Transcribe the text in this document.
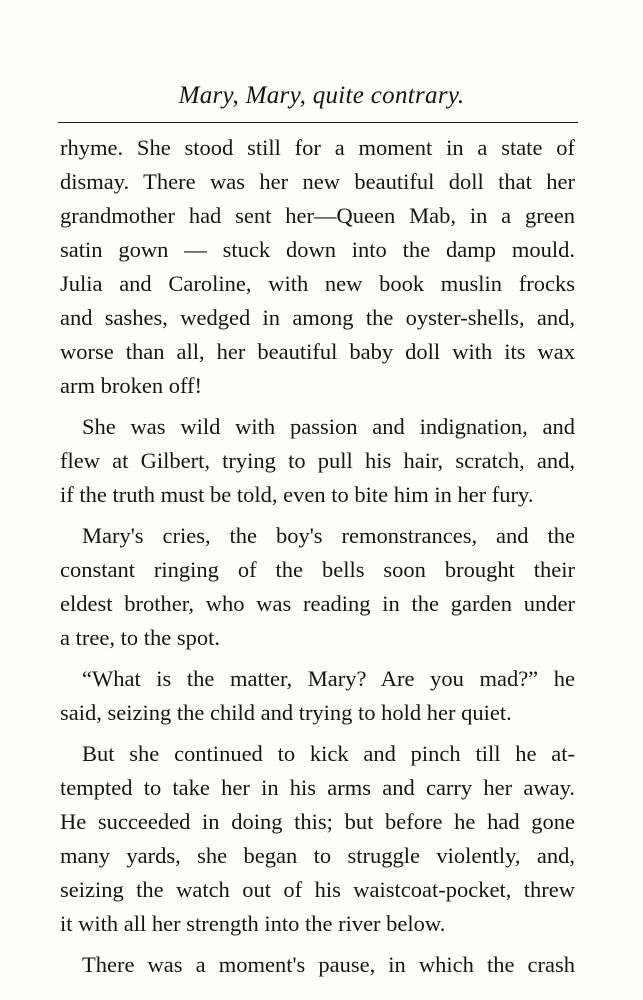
Mary, Mary, quite contrary.
rhyme. She stood still for a moment in a state of
dismay. There was her new beautiful doll that her
grandmother had sent her—Queen Mab, in a green
satin gown — stuck down into the damp mould.
Julia and Caroline, with new book muslin frocks
and sashes, wedged in among the oyster-shells, and,
worse than all, her beautiful baby doll with its wax
arm broken off!
She was wild with passion and indignation, and
flew at Gilbert, trying to pull his hair, scratch, and,
if the truth must be told, even to bite him in her fury.
Mary's cries, the boy's remonstrances, and the
constant ringing of the bells soon brought their
eldest brother, who was reading in the garden under
a tree, to the spot.
“What is the matter, Mary? Are you mad?” he
said, seizing the child and trying to hold her quiet.
But she continued to kick and pinch till he at-
tempted to take her in his arms and carry her away.
He succeeded in doing this; but before he had gone
many yards, she began to struggle violently, and,
seizing the watch out of his waistcoat-pocket, threw
it with all her strength into the river below.
There was a moment's pause, in which the crash
